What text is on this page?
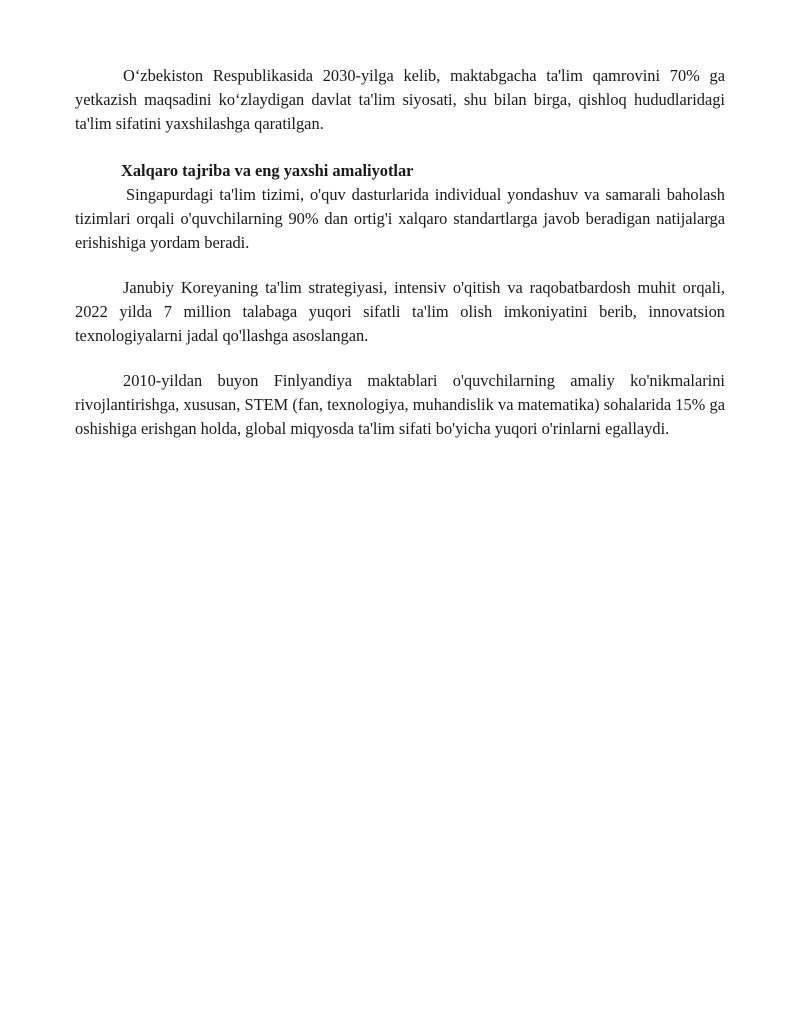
O‘zbekiston Respublikasida 2030-yilga kelib, maktabgacha ta'lim qamrovini 70% ga yetkazish maqsadini ko‘zlaydigan davlat ta'lim siyosati, shu bilan birga, qishloq hududlaridagi ta'lim sifatini yaxshilashga qaratilgan.

Xalqaro tajriba va eng yaxshi amaliyotlar

Singapurdagi ta'lim tizimi, o'quv dasturlarida individual yondashuv va samarali baholash tizimlari orqali o'quvchilarning 90% dan ortig'i xalqaro standartlarga javob beradigan natijalarga erishishiga yordam beradi.

Janubiy Koreyaning ta'lim strategiyasi, intensiv o'qitish va raqobatbardosh muhit orqali, 2022 yilda 7 million talabaga yuqori sifatli ta'lim olish imkoniyatini berib, innovatsion texnologiyalarni jadal qo'llashga asoslangan.

2010-yildan buyon Finlyandiya maktablari o'quvchilarning amaliy ko'nikmalarini rivojlantirishga, xususan, STEM (fan, texnologiya, muhandislik va matematika) sohalarida 15% ga oshishiga erishgan holda, global miqyosda ta'lim sifati bo'yicha yuqori o'rinlarni egallaydi.
